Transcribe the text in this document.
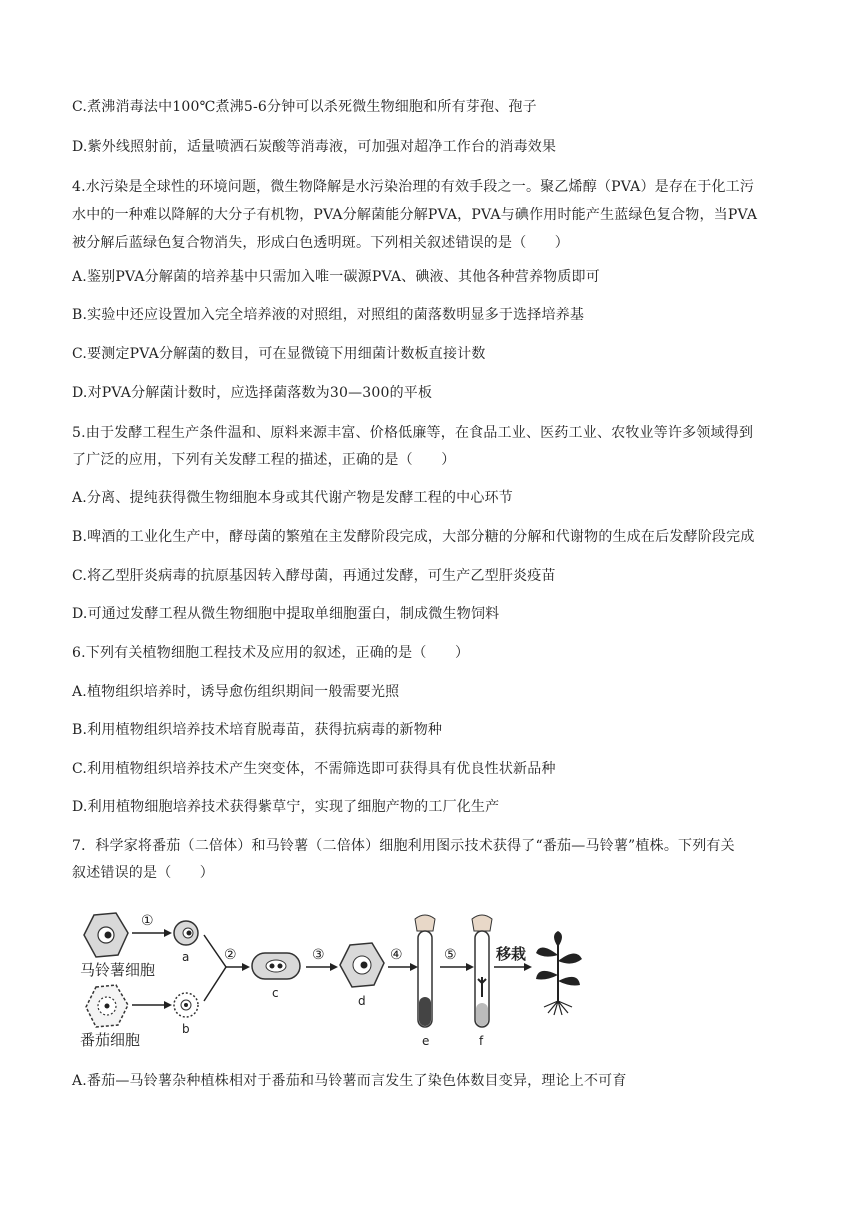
C.煮沸消毒法中100℃煮沸5-6分钟可以杀死微生物细胞和所有芽孢、孢子
D.紫外线照射前，适量喷洒石炭酸等消毒液，可加强对超净工作台的消毒效果
4.水污染是全球性的环境问题，微生物降解是水污染治理的有效手段之一。聚乙烯醇（PVA）是存在于化工污
水中的一种难以降解的大分子有机物，PVA分解菌能分解PVA，PVA与碘作用时能产生蓝绿色复合物，当PVA
被分解后蓝绿色复合物消失，形成白色透明斑。下列相关叙述错误的是（　　）
A.鉴别PVA分解菌的培养基中只需加入唯一碳源PVA、碘液、其他各种营养物质即可
B.实验中还应设置加入完全培养液的对照组，对照组的菌落数明显多于选择培养基
C.要测定PVA分解菌的数目，可在显微镜下用细菌计数板直接计数
D.对PVA分解菌计数时，应选择菌落数为30—300的平板
5.由于发酵工程生产条件温和、原料来源丰富、价格低廉等，在食品工业、医药工业、农牧业等许多领域得到
了广泛的应用，下列有关发酵工程的描述，正确的是（　　）
A.分离、提纯获得微生物细胞本身或其代谢产物是发酵工程的中心环节
B.啤酒的工业化生产中，酵母菌的繁殖在主发酵阶段完成，大部分糖的分解和代谢物的生成在后发酵阶段完成
C.将乙型肝炎病毒的抗原基因转入酵母菌，再通过发酵，可生产乙型肝炎疫苗
D.可通过发酵工程从微生物细胞中提取单细胞蛋白，制成微生物饲料
6.下列有关植物细胞工程技术及应用的叙述，正确的是（　　）
A.植物组织培养时，诱导愈伤组织期间一般需要光照
B.利用植物组织培养技术培育脱毒苗，获得抗病毒的新物种
C.利用植物组织培养技术产生突变体，不需筛选即可获得具有优良性状新品种
D.利用植物细胞培养技术获得紫草宁，实现了细胞产物的工厂化生产
7．科学家将番茄（二倍体）和马铃薯（二倍体）细胞利用图示技术获得了“番茄—马铃薯”植株。下列有关
叙述错误的是（　　）
马铃薯细胞
番茄细胞
①
a
b
②
c
③
d
④
e
⑤
f
移栽
A.番茄—马铃薯杂种植株相对于番茄和马铃薯而言发生了染色体数目变异，理论上不可育
